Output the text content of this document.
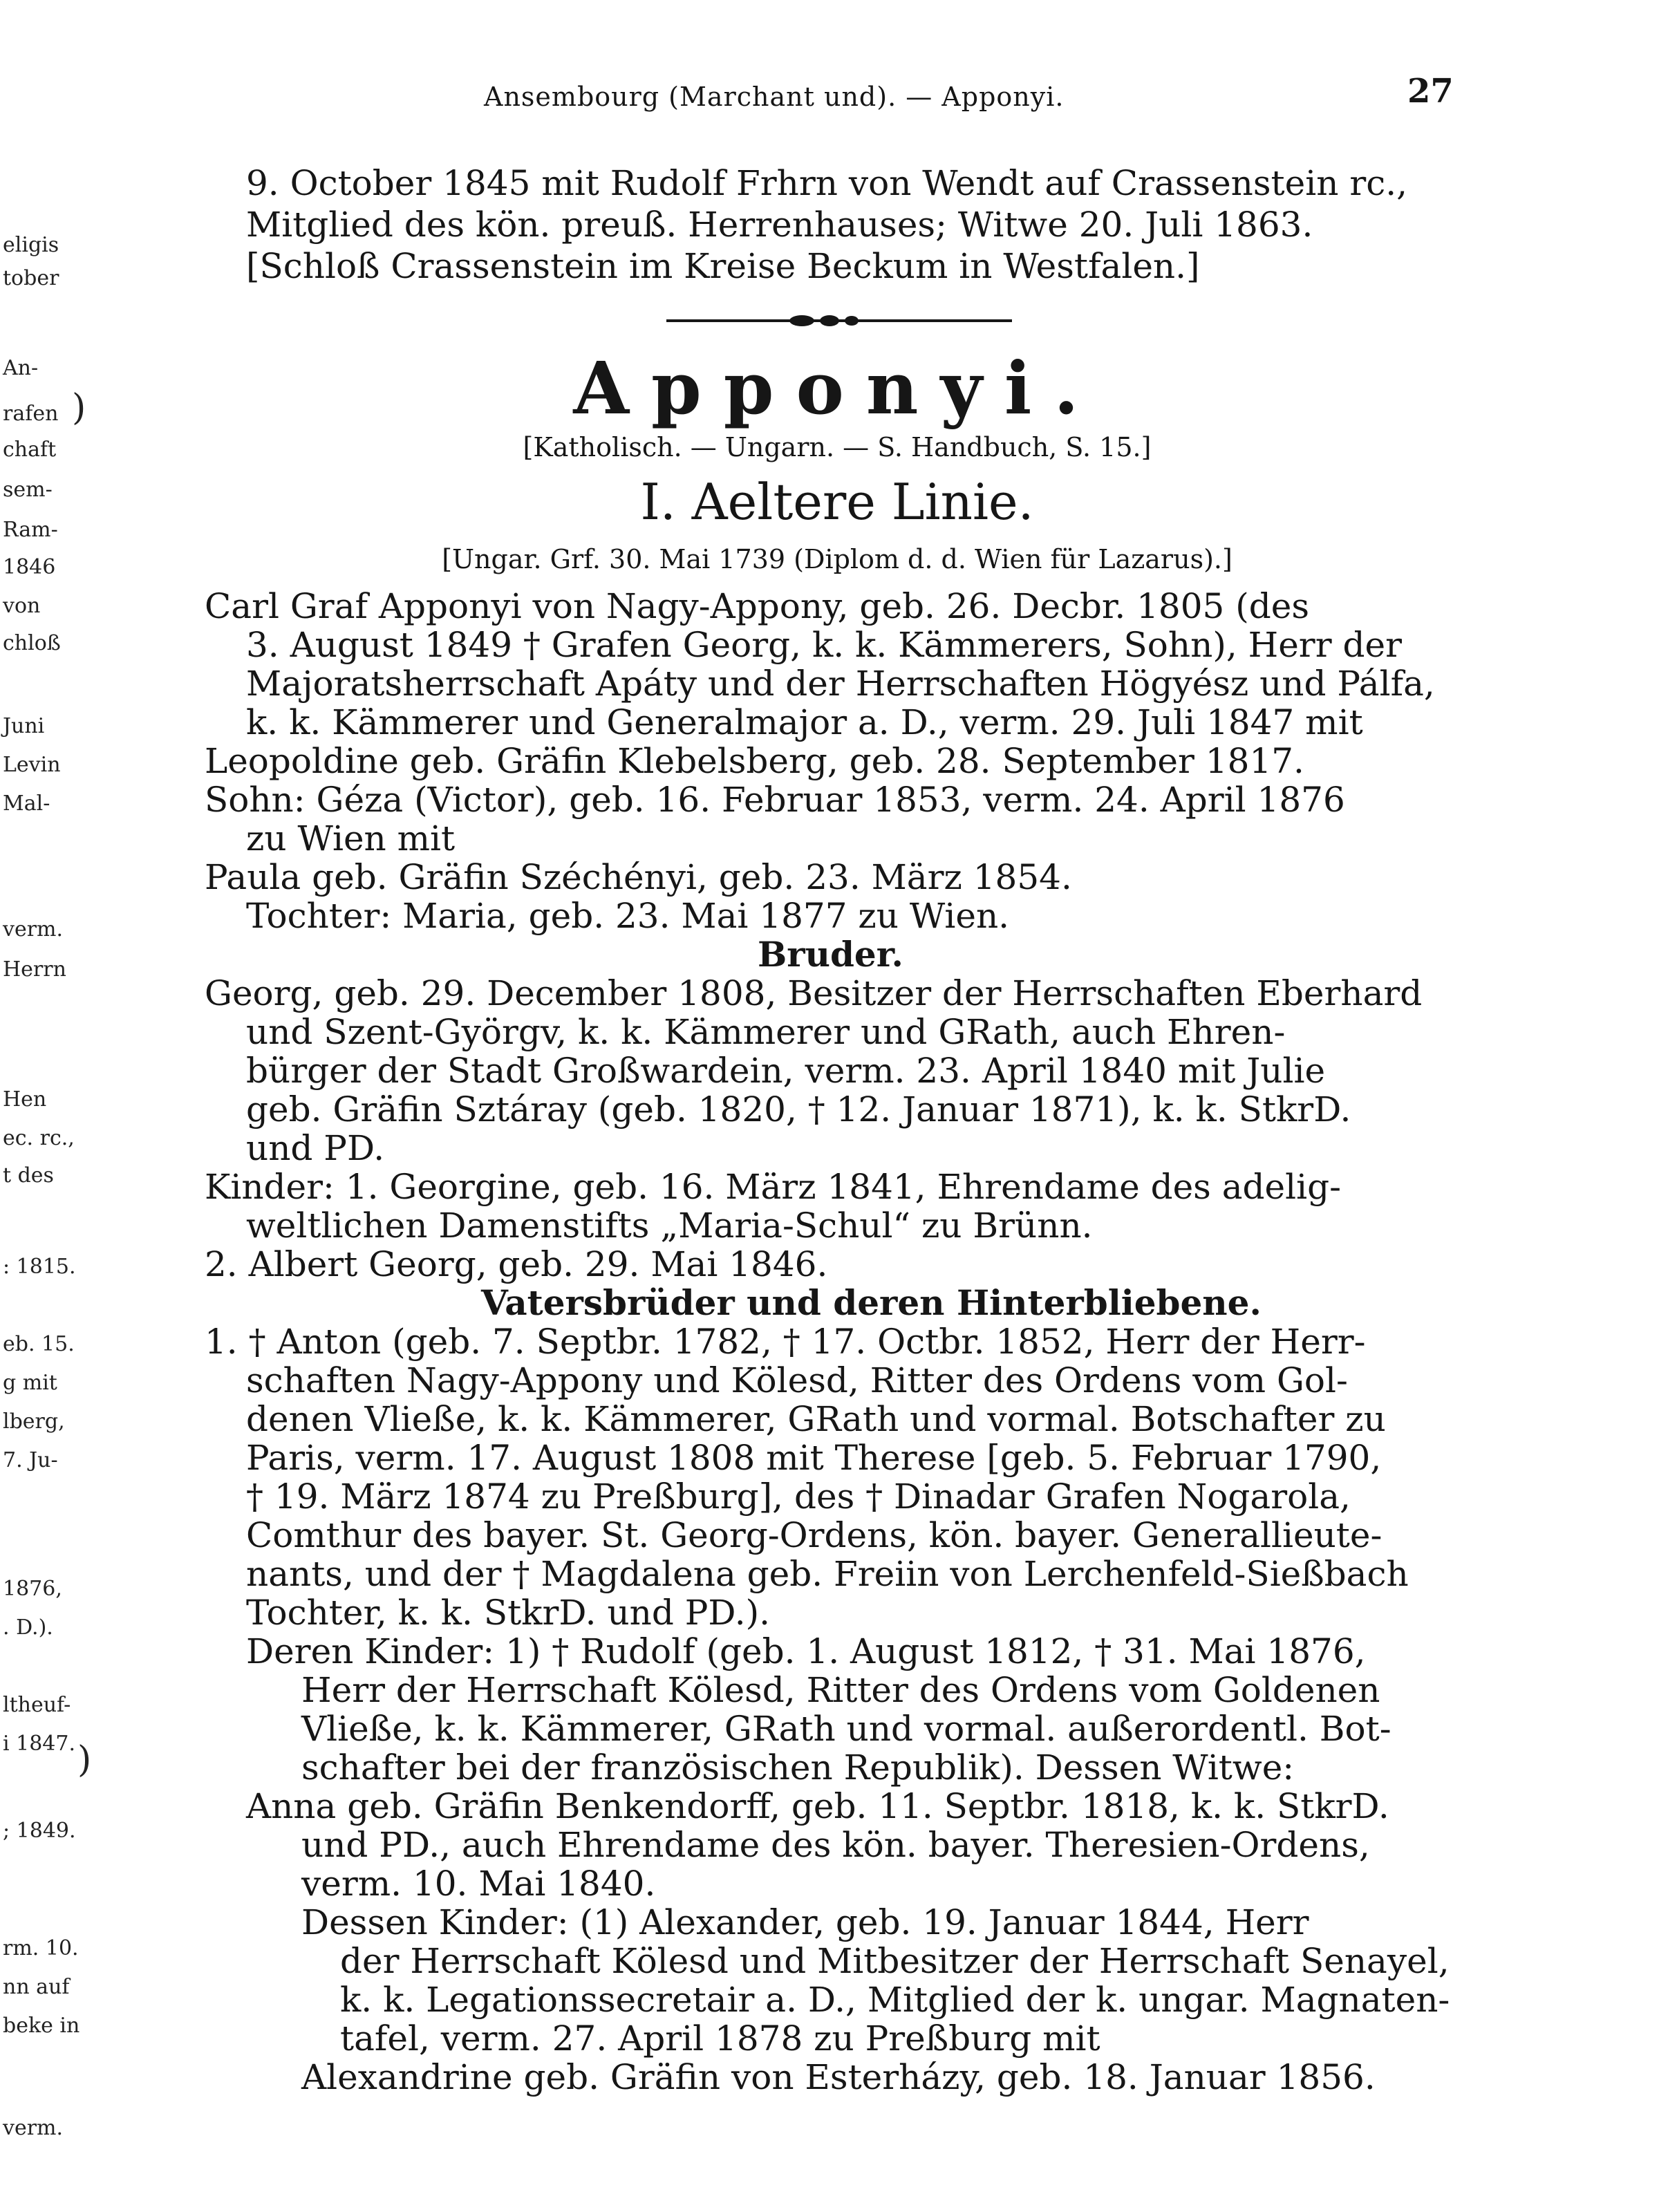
eligis
tober
An-
rafen
chaft
sem-
Ram-
1846
von
chloß
Juni
Levin
Mal-
verm.
Herrn
Hen
ec. rc.,
t des
: 1815.
eb. 15.
g mit
lberg,
7. Ju-
1876,
. D.).
ltheuf-
i 1847.
; 1849.
rm. 10.
nn auf
beke in
verm.
)
)
Ansembourg (Marchant und). — Apponyi.	27
9. October 1845 mit Rudolf Frhrn von Wendt auf Crassenstein rc.,
Mitglied des kön. preuß. Herrenhauses; Witwe 20. Juli 1863.
[Schloß Crassenstein im Kreise Beckum in Westfalen.]
Apponyi.
[Katholisch. — Ungarn. — S. Handbuch, S. 15.]
I. Aeltere Linie.
[Ungar. Grf. 30. Mai 1739 (Diplom d. d. Wien für Lazarus).]
Carl Graf Apponyi von Nagy-Appony, geb. 26. Decbr. 1805 (des
3. August 1849 † Grafen Georg, k. k. Kämmerers, Sohn), Herr der
Majoratsherrschaft Apáty und der Herrschaften Högyész und Pálfa,
k. k. Kämmerer und Generalmajor a. D., verm. 29. Juli 1847 mit
Leopoldine geb. Gräfin Klebelsberg, geb. 28. September 1817.
Sohn: Géza (Victor), geb. 16. Februar 1853, verm. 24. April 1876
zu Wien mit
Paula geb. Gräfin Széchényi, geb. 23. März 1854.
Tochter: Maria, geb. 23. Mai 1877 zu Wien.
Bruder.
Georg, geb. 29. December 1808, Besitzer der Herrschaften Eberhard
und Szent-Györgv, k. k. Kämmerer und GRath, auch Ehren-
bürger der Stadt Großwardein, verm. 23. April 1840 mit Julie
geb. Gräfin Sztáray (geb. 1820, † 12. Januar 1871), k. k. StkrD.
und PD.
Kinder: 1. Georgine, geb. 16. März 1841, Ehrendame des adelig-
weltlichen Damenstifts „Maria-Schul“ zu Brünn.
2. Albert Georg, geb. 29. Mai 1846.
Vatersbrüder und deren Hinterbliebene.
1. † Anton (geb. 7. Septbr. 1782, † 17. Octbr. 1852, Herr der Herr-
schaften Nagy-Appony und Kölesd, Ritter des Ordens vom Gol-
denen Vließe, k. k. Kämmerer, GRath und vormal. Botschafter zu
Paris, verm. 17. August 1808 mit Therese [geb. 5. Februar 1790,
† 19. März 1874 zu Preßburg], des † Dinadar Grafen Nogarola,
Comthur des bayer. St. Georg-Ordens, kön. bayer. Generallieute-
nants, und der † Magdalena geb. Freiin von Lerchenfeld-Sießbach
Tochter, k. k. StkrD. und PD.).
Deren Kinder: 1) † Rudolf (geb. 1. August 1812, † 31. Mai 1876,
Herr der Herrschaft Kölesd, Ritter des Ordens vom Goldenen
Vließe, k. k. Kämmerer, GRath und vormal. außerordentl. Bot-
schafter bei der französischen Republik). Dessen Witwe:
Anna geb. Gräfin Benkendorff, geb. 11. Septbr. 1818, k. k. StkrD.
und PD., auch Ehrendame des kön. bayer. Theresien-Ordens,
verm. 10. Mai 1840.
Dessen Kinder: (1) Alexander, geb. 19. Januar 1844, Herr
der Herrschaft Kölesd und Mitbesitzer der Herrschaft Senayel,
k. k. Legationssecretair a. D., Mitglied der k. ungar. Magnaten-
tafel, verm. 27. April 1878 zu Preßburg mit
Alexandrine geb. Gräfin von Esterházy, geb. 18. Januar 1856.
